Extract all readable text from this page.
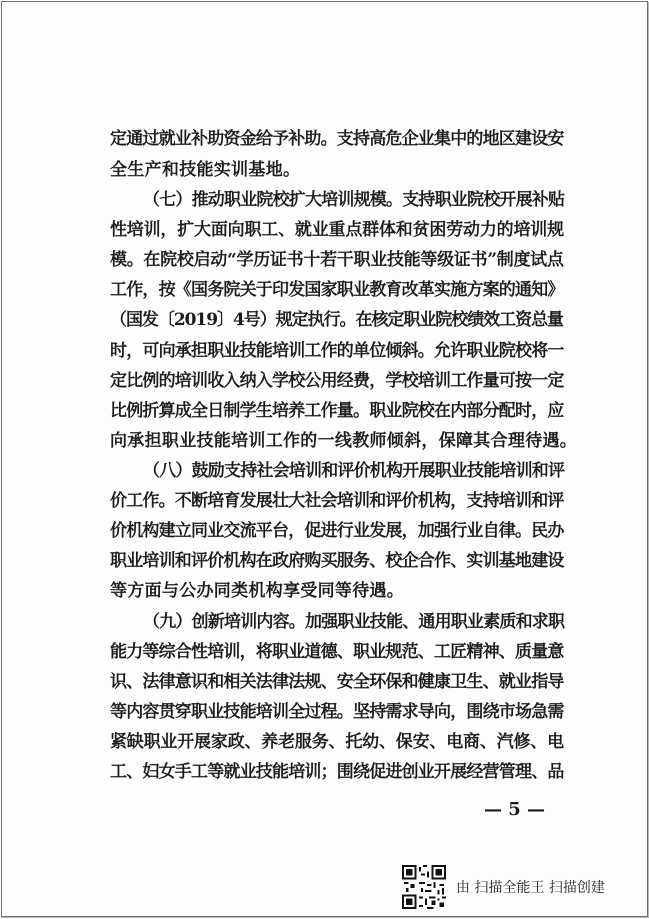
定通过就业补助资金给予补助。支持高危企业集中的地区建设安
全生产和技能实训基地。
（七）推动职业院校扩大培训规模。支持职业院校开展补贴
性培训，扩大面向职工、就业重点群体和贫困劳动力的培训规
模。在院校启动“学历证书十若干职业技能等级证书”制度试点
工作，按《国务院关于印发国家职业教育改革实施方案的通知》
（国发〔2019〕4号）规定执行。在核定职业院校绩效工资总量
时，可向承担职业技能培训工作的单位倾斜。允许职业院校将一
定比例的培训收入纳入学校公用经费，学校培训工作量可按一定
比例折算成全日制学生培养工作量。职业院校在内部分配时，应
向承担职业技能培训工作的一线教师倾斜，保障其合理待遇。
（八）鼓励支持社会培训和评价机构开展职业技能培训和评
价工作。不断培育发展壮大社会培训和评价机构，支持培训和评
价机构建立同业交流平台，促进行业发展，加强行业自律。民办
职业培训和评价机构在政府购买服务、校企合作、实训基地建设
等方面与公办同类机构享受同等待遇。
（九）创新培训内容。加强职业技能、通用职业素质和求职
能力等综合性培训，将职业道德、职业规范、工匠精神、质量意
识、法律意识和相关法律法规、安全环保和健康卫生、就业指导
等内容贯穿职业技能培训全过程。坚持需求导向，围绕市场急需
紧缺职业开展家政、养老服务、托幼、保安、电商、汽修、电
工、妇女手工等就业技能培训；围绕促进创业开展经营管理、品
— 5 —
由 扫描全能王 扫描创建
